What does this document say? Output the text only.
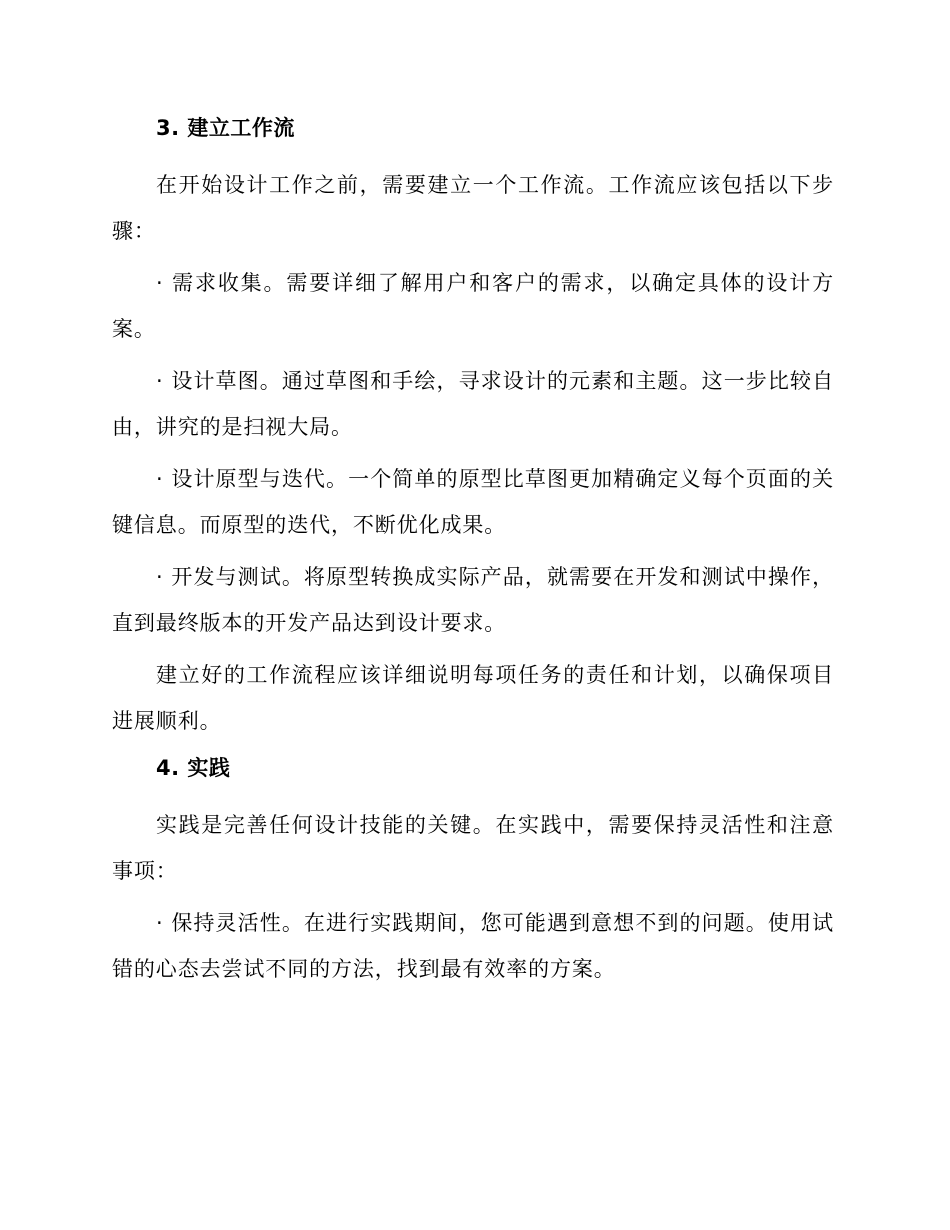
3. 建立工作流

在开始设计工作之前，需要建立一个工作流。工作流应该包括以下步骤：

· 需求收集。需要详细了解用户和客户的需求，以确定具体的设计方案。

· 设计草图。通过草图和手绘，寻求设计的元素和主题。这一步比较自由，讲究的是扫视大局。

· 设计原型与迭代。一个简单的原型比草图更加精确定义每个页面的关键信息。而原型的迭代，不断优化成果。

· 开发与测试。将原型转换成实际产品，就需要在开发和测试中操作，直到最终版本的开发产品达到设计要求。

建立好的工作流程应该详细说明每项任务的责任和计划，以确保项目进展顺利。

4. 实践

实践是完善任何设计技能的关键。在实践中，需要保持灵活性和注意事项：

· 保持灵活性。在进行实践期间，您可能遇到意想不到的问题。使用试错的心态去尝试不同的方法，找到最有效率的方案。
